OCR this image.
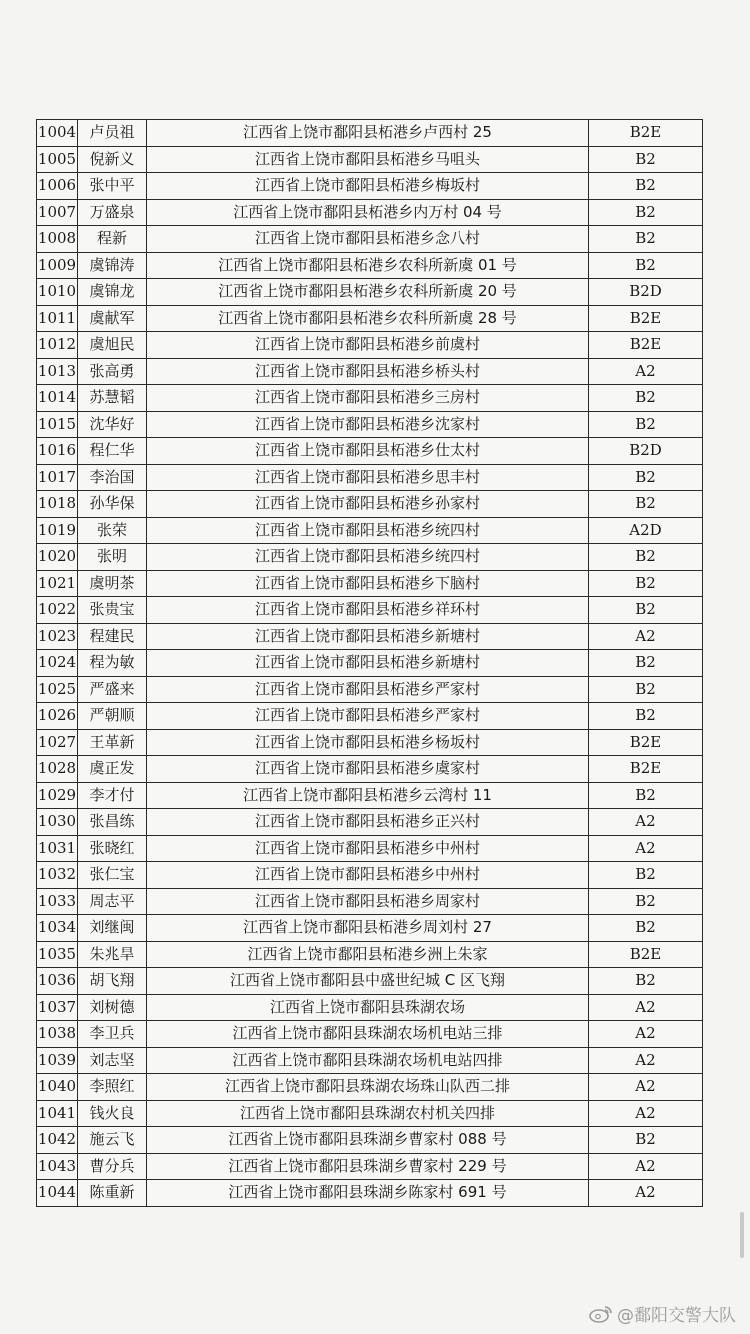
1004	卢员祖	江西省上饶市鄱阳县柘港乡卢西村 25	B2E
1005	倪新义	江西省上饶市鄱阳县柘港乡马咀头	B2
1006	张中平	江西省上饶市鄱阳县柘港乡梅坂村	B2
1007	万盛泉	江西省上饶市鄱阳县柘港乡内万村 04 号	B2
1008	程新	江西省上饶市鄱阳县柘港乡念八村	B2
1009	虞锦涛	江西省上饶市鄱阳县柘港乡农科所新虞 01 号	B2
1010	虞锦龙	江西省上饶市鄱阳县柘港乡农科所新虞 20 号	B2D
1011	虞献军	江西省上饶市鄱阳县柘港乡农科所新虞 28 号	B2E
1012	虞旭民	江西省上饶市鄱阳县柘港乡前虞村	B2E
1013	张高勇	江西省上饶市鄱阳县柘港乡桥头村	A2
1014	苏慧韬	江西省上饶市鄱阳县柘港乡三房村	B2
1015	沈华好	江西省上饶市鄱阳县柘港乡沈家村	B2
1016	程仁华	江西省上饶市鄱阳县柘港乡仕太村	B2D
1017	李治国	江西省上饶市鄱阳县柘港乡思丰村	B2
1018	孙华保	江西省上饶市鄱阳县柘港乡孙家村	B2
1019	张荣	江西省上饶市鄱阳县柘港乡统四村	A2D
1020	张明	江西省上饶市鄱阳县柘港乡统四村	B2
1021	虞明茶	江西省上饶市鄱阳县柘港乡下脑村	B2
1022	张贵宝	江西省上饶市鄱阳县柘港乡祥环村	B2
1023	程建民	江西省上饶市鄱阳县柘港乡新塘村	A2
1024	程为敏	江西省上饶市鄱阳县柘港乡新塘村	B2
1025	严盛来	江西省上饶市鄱阳县柘港乡严家村	B2
1026	严朝顺	江西省上饶市鄱阳县柘港乡严家村	B2
1027	王革新	江西省上饶市鄱阳县柘港乡杨坂村	B2E
1028	虞正发	江西省上饶市鄱阳县柘港乡虞家村	B2E
1029	李才付	江西省上饶市鄱阳县柘港乡云湾村 11	B2
1030	张昌练	江西省上饶市鄱阳县柘港乡正兴村	A2
1031	张晓红	江西省上饶市鄱阳县柘港乡中州村	A2
1032	张仁宝	江西省上饶市鄱阳县柘港乡中州村	B2
1033	周志平	江西省上饶市鄱阳县柘港乡周家村	B2
1034	刘继闽	江西省上饶市鄱阳县柘港乡周刘村 27	B2
1035	朱兆旱	江西省上饶市鄱阳县柘港乡洲上朱家	B2E
1036	胡飞翔	江西省上饶市鄱阳县中盛世纪城 C 区飞翔	B2
1037	刘树德	江西省上饶市鄱阳县珠湖农场	A2
1038	李卫兵	江西省上饶市鄱阳县珠湖农场机电站三排	A2
1039	刘志坚	江西省上饶市鄱阳县珠湖农场机电站四排	A2
1040	李照红	江西省上饶市鄱阳县珠湖农场珠山队西二排	A2
1041	钱火良	江西省上饶市鄱阳县珠湖农村机关四排	A2
1042	施云飞	江西省上饶市鄱阳县珠湖乡曹家村 088 号	B2
1043	曹分兵	江西省上饶市鄱阳县珠湖乡曹家村 229 号	A2
1044	陈重新	江西省上饶市鄱阳县珠湖乡陈家村 691 号	A2
@鄱阳交警大队
